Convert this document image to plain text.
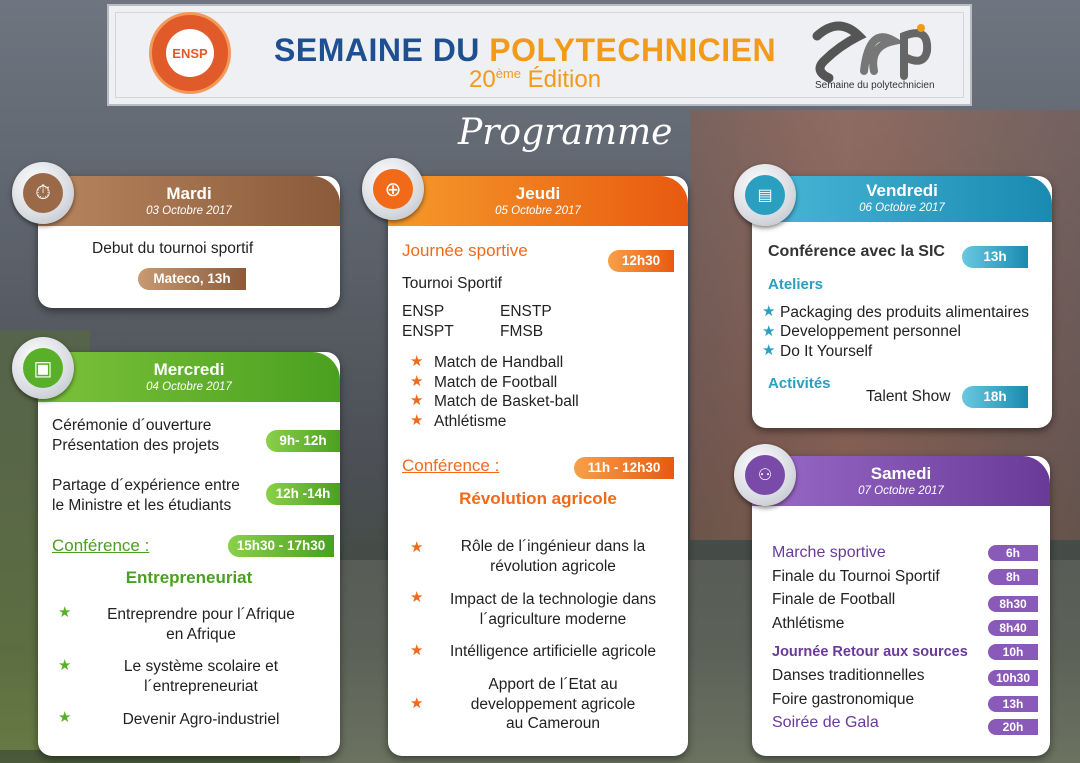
ENSP SEMAINE DU POLYTECHNICIEN
20ème Édition	Semaine du polytechnicien
Programme
Mardi
03 Octobre 2017
Debut du tournoi sportif
Mateco, 13h
⏱
Mercredi
04 Octobre 2017
Cérémonie d´ouverture
Présentation des projets	9h- 12h
Partage d´expérience entre
le Ministre et les étudiants
12h -14h
Conférence :	15h30 - 17h30
Entrepreneuriat
★	Entreprendre pour l´Afrique
en Afrique
★	Le système scolaire et
l´entrepreneuriat
★	Devenir Agro-industriel
▣
Jeudi
05 Octobre 2017
Journée sportive
12h30
Tournoi Sportif
ENSP	ENSTP
ENSPT	FMSB
★ Match de Handball
★ Match de Football
★ Match de Basket-ball
★ Athlétisme
Conférence :	11h - 12h30
Révolution agricole
★	Rôle de l´ingénieur dans la
révolution agricole
★	Impact de la technologie dans
l´agriculture moderne
★	Intélligence artificielle agricole
★
Apport de l´Etat au
developpement agricole
au Cameroun
⊕	Vendredi
06 Octobre 2017
Conférence avec la SIC	13h
Ateliers
★ Packaging des produits alimentaires
★ Developpement personnel
★ Do It Yourself
Activités
Talent Show	18h
▤
Samedi
07 Octobre 2017
Marche sportive	6h
Finale du Tournoi Sportif	8h
Finale de Football	8h30
Athlétisme	8h40
Journée Retour aux sources	10h
Danses traditionnelles	10h30
Foire gastronomique	13h
Soirée de Gala	20h
⚇
